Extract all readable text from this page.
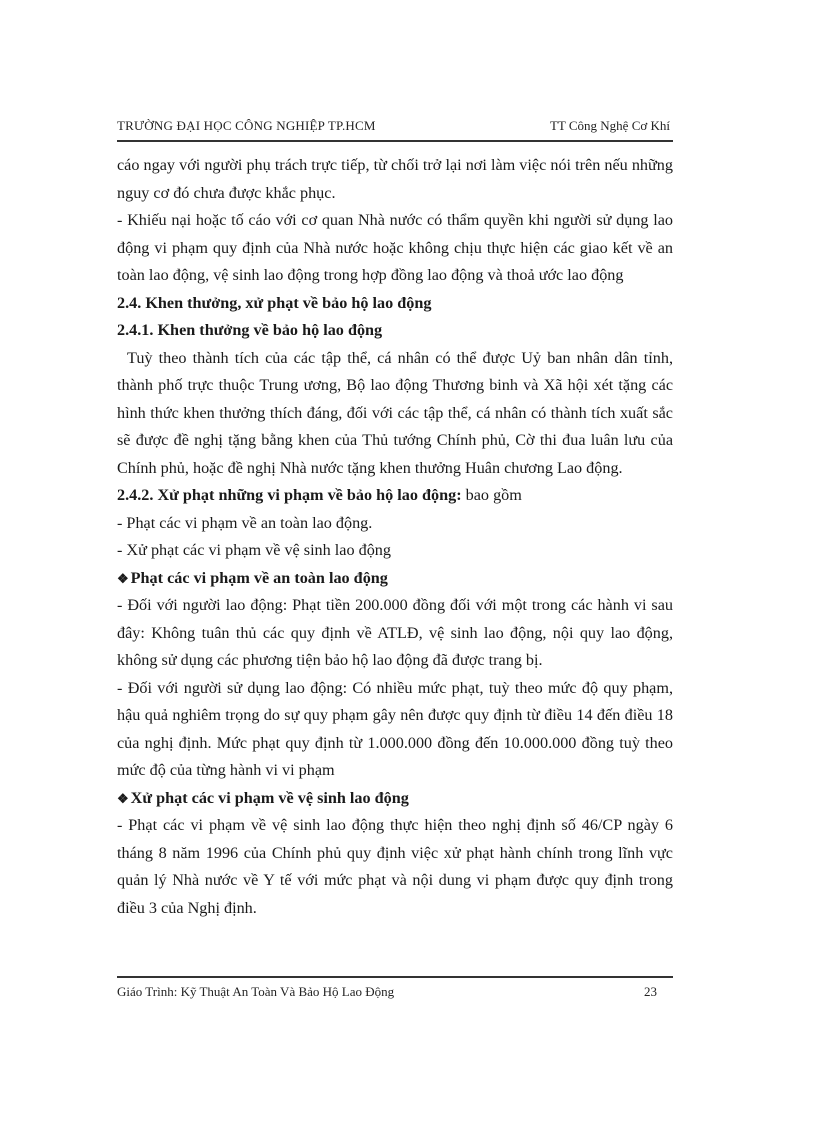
TRƯỜNG ĐẠI HỌC CÔNG NGHIỆP TP.HCM	TT Công Nghệ Cơ Khí

cáo ngay với người phụ trách trực tiếp, từ chối trở lại nơi làm việc nói trên nếu những nguy cơ đó chưa được khắc phục.

- Khiếu nại hoặc tố cáo với cơ quan Nhà nước có thẩm quyền khi người sử dụng lao động vi phạm quy định của Nhà nước hoặc không chịu thực hiện các giao kết về an toàn lao động, vệ sinh lao động trong hợp đồng lao động và thoả ước lao động

2.4. Khen thưởng, xử phạt về bảo hộ lao động

2.4.1. Khen thưởng về bảo hộ lao động

Tuỳ theo thành tích của các tập thể, cá nhân có thể được Uỷ ban nhân dân tỉnh, thành phố trực thuộc Trung ương, Bộ lao động Thương binh và Xã hội xét tặng các hình thức khen thưởng thích đáng, đối với các tập thể, cá nhân có thành tích xuất sắc sẽ được đề nghị tặng bằng khen của Thủ tướng Chính phủ, Cờ thi đua luân lưu của Chính phủ, hoặc đề nghị Nhà nước tặng khen thưởng Huân chương Lao động.

2.4.2. Xử phạt những vi phạm về bảo hộ lao động: bao gồm

- Phạt các vi phạm về an toàn lao động.

- Xử phạt các vi phạm về vệ sinh lao động

❖ Phạt các vi phạm về an toàn lao động

- Đối với người lao động: Phạt tiền 200.000 đồng đối với một trong các hành vi sau đây: Không tuân thủ các quy định về ATLĐ, vệ sinh lao động, nội quy lao động, không sử dụng các phương tiện bảo hộ lao động đã được trang bị.

- Đối với người sử dụng lao động: Có nhiều mức phạt, tuỳ theo mức độ quy phạm, hậu quả nghiêm trọng do sự quy phạm gây nên được quy định từ điều 14 đến điều 18 của nghị định. Mức phạt quy định từ 1.000.000 đồng đến 10.000.000 đồng tuỳ theo mức độ của từng hành vi vi phạm

❖ Xử phạt các vi phạm về vệ sinh lao động

- Phạt các vi phạm về vệ sinh lao động thực hiện theo nghị định số 46/CP ngày 6 tháng 8 năm 1996 của Chính phủ quy định việc xử phạt hành chính trong lĩnh vực quản lý Nhà nước về Y tế với mức phạt và nội dung vi phạm được quy định trong điều 3 của Nghị định.

Giáo Trình: Kỹ Thuật An Toàn Và Bảo Hộ Lao Động	23
